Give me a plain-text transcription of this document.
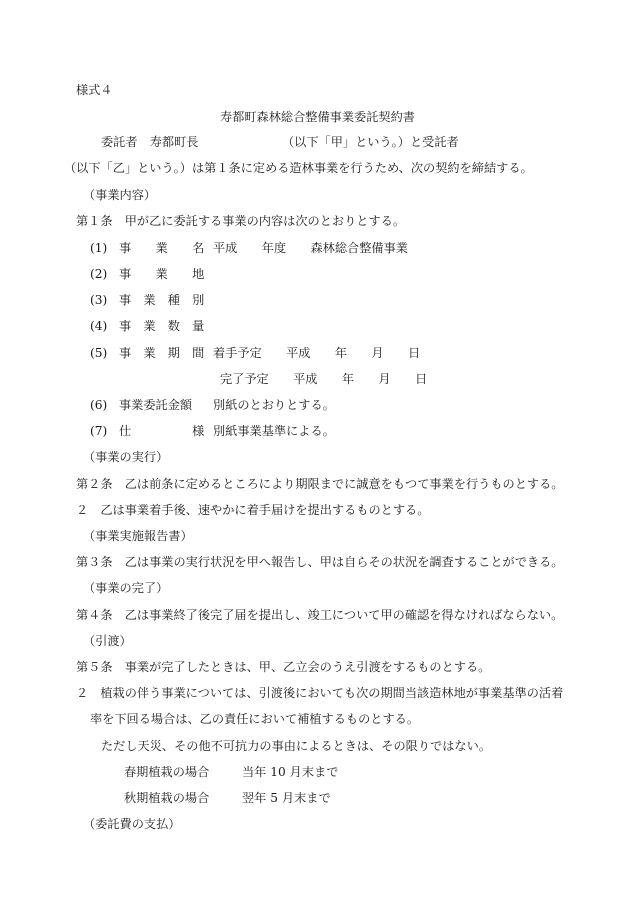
様式４
寿都町森林総合整備事業委託契約書
委託者　寿都町長	（以下「甲」という。）と受託者
（以下「乙」という。）は第１条に定める造林事業を行うため、次の契約を締結する。
（事業内容）
第１条　甲が乙に委託する事業の内容は次のとおりとする。
(1) 事　　業　　名 平成　　年度　　森林総合整備事業
(2) 事　　業　　地
(3) 事　業　種　別
(4) 事　業　数　量
(5) 事　業　期　間 着手予定　　平成　　年　　月　　日
完了予定　　平成　　年　　月　　日
(6) 事業委託金額 別紙のとおりとする。
(7) 仕　　　　　様 別紙事業基準による。
（事業の実行）
第２条　乙は前条に定めるところにより期限までに誠意をもつて事業を行うものとする。
２　乙は事業着手後、速やかに着手届けを提出するものとする。
（事業実施報告書）
第３条　乙は事業の実行状況を甲へ報告し、甲は自らその状況を調査することができる。
（事業の完了）
第４条　乙は事業終了後完了届を提出し、竣工について甲の確認を得なければならない。
（引渡）
第５条　事業が完了したときは、甲、乙立会のうえ引渡をするものとする。
２　植栽の伴う事業については、引渡後においても次の期間当該造林地が事業基準の活着
率を下回る場合は、乙の責任において補植するものとする。
ただし天災、その他不可抗力の事由によるときは、その限りではない。
春期植栽の場合	当年 10 月末まで
秋期植栽の場合	翌年 5 月末まで
（委託費の支払）
